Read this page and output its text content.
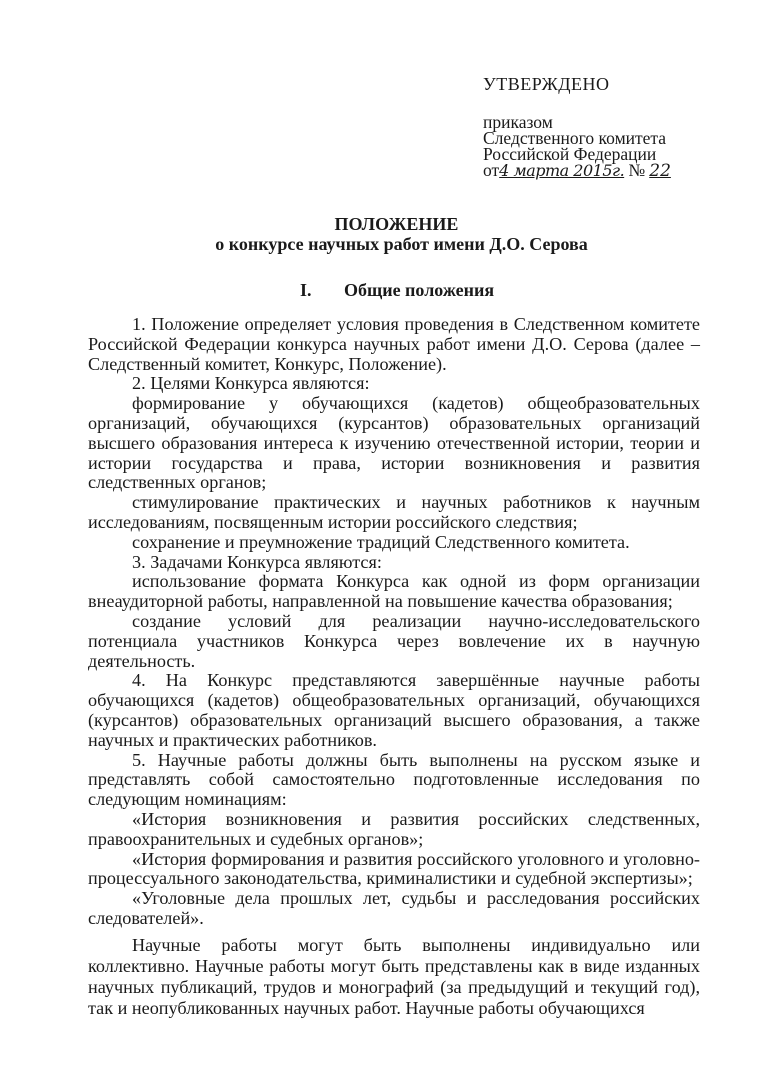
УТВЕРЖДЕНО
приказом
Следственного комитета
Российской Федерации
от4 марта 2015г. № 22
ПОЛОЖЕНИЕ
о конкурсе научных работ имени Д.О. Серова
I. Общие положения

1. Положение определяет условия проведения в Следственном комитете Российской Федерации конкурса научных работ имени Д.О. Серова (далее – Следственный комитет, Конкурс, Положение).

2. Целями Конкурса являются:

формирование у обучающихся (кадетов) общеобразовательных организаций, обучающихся (курсантов) образовательных организаций высшего образования интереса к изучению отечественной истории, теории и истории государства и права, истории возникновения и развития следственных органов;

стимулирование практических и научных работников к научным исследованиям, посвященным истории российского следствия;

сохранение и преумножение традиций Следственного комитета.

3. Задачами Конкурса являются:

использование формата Конкурса как одной из форм организации внеаудиторной работы, направленной на повышение качества образования;

создание условий для реализации научно-исследовательского потенциала участников Конкурса через вовлечение их в научную деятельность.

4. На Конкурс представляются завершённые научные работы обучающихся (кадетов) общеобразовательных организаций, обучающихся (курсантов) образовательных организаций высшего образования, а также научных и практических работников.

5. Научные работы должны быть выполнены на русском языке и представлять собой самостоятельно подготовленные исследования по следующим номинациям:

«История возникновения и развития российских следственных, правоохранительных и судебных органов»;

«История формирования и развития российского уголовного и уголовно-процессуального законодательства, криминалистики и судебной экспертизы»;

«Уголовные дела прошлых лет, судьбы и расследования российских следователей».

Научные работы могут быть выполнены индивидуально или коллективно. Научные работы могут быть представлены как в виде изданных научных публикаций, трудов и монографий (за предыдущий и текущий год), так и неопубликованных научных работ. Научные работы обучающихся
